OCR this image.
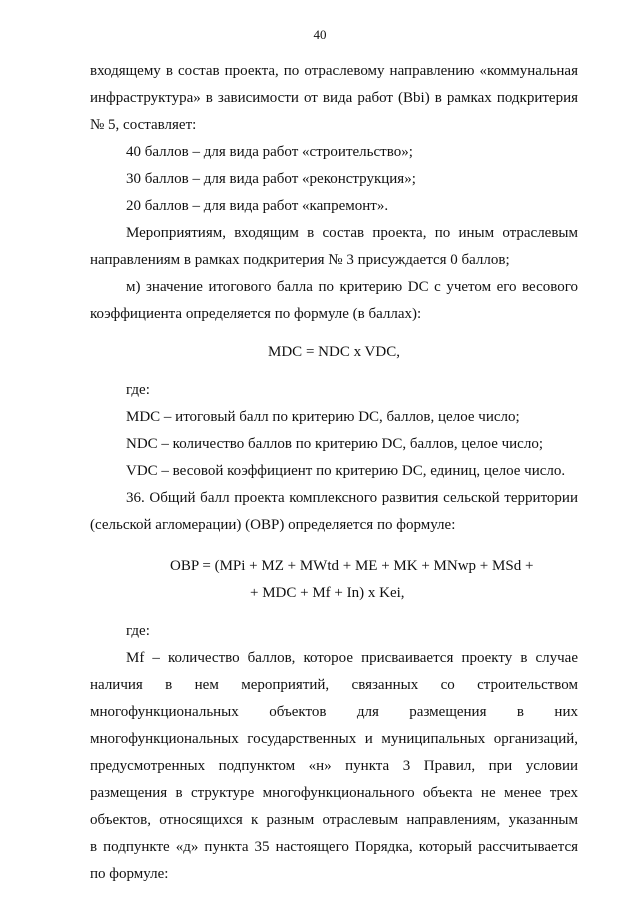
40
входящему в состав проекта, по отраслевому направлению «коммунальная
инфраструктура» в зависимости от вида работ (Bbi) в рамках подкритерия
№ 5, составляет:
40 баллов – для вида работ «строительство»;
30 баллов – для вида работ «реконструкция»;
20 баллов – для вида работ «капремонт».
Мероприятиям, входящим в состав проекта, по иным отраслевым
направлениям в рамках подкритерия № 3 присуждается 0 баллов;
м) значение итогового балла по критерию DC с учетом его весового
коэффициента определяется по формуле (в баллах):
MDC = NDC x VDC,
где:
MDC – итоговый балл по критерию DC, баллов, целое число;
NDC – количество баллов по критерию DC, баллов, целое число;
VDC – весовой коэффициент по критерию DC, единиц, целое число.
36. Общий балл проекта комплексного развития сельской территории
(сельской агломерации) (OBP) определяется по формуле:
OBP = (MPi + MZ + MWtd + ME + MK + MNwp + MSd +
+ MDC + Mf + In) x Kei,
где:
Mf – количество баллов, которое присваивается проекту в случае
наличия в нем мероприятий, связанных со строительством
многофункциональных объектов для размещения в них
многофункциональных государственных и муниципальных организаций,
предусмотренных подпунктом «н» пункта 3 Правил, при условии
размещения в структуре многофункционального объекта не менее трех
объектов, относящихся к разным отраслевым направлениям, указанным
в подпункте «д» пункта 35 настоящего Порядка, который рассчитывается
по формуле:
